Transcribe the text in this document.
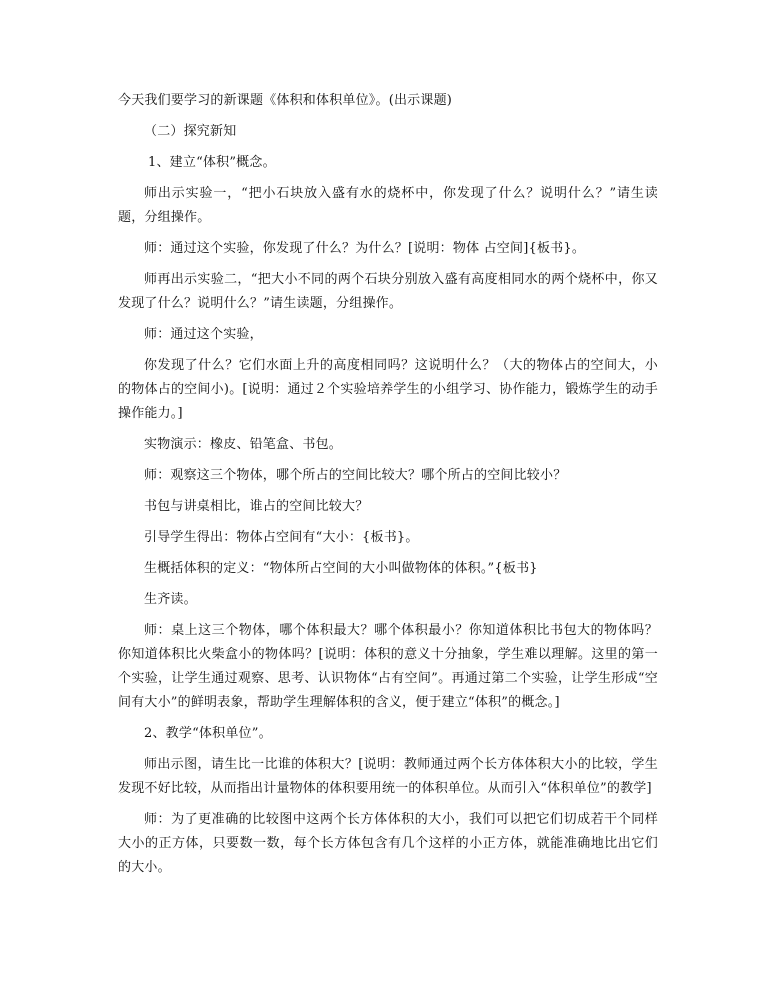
今天我们要学习的新课题《体积和体积单位》。(出示课题)

（二）探究新知

1、建立“体积”概念。

师出示实验一，“把小石块放入盛有水的烧杯中，你发现了什么？说明什么？”请生读题，分组操作。

师：通过这个实验，你发现了什么？为什么？[说明：物体 占空间]{板书}。

师再出示实验二，“把大小不同的两个石块分别放入盛有高度相同水的两个烧杯中，你又发现了什么？说明什么？”请生读题，分组操作。

师：通过这个实验，

你发现了什么？它们水面上升的高度相同吗？这说明什么？（大的物体占的空间大，小的物体占的空间小)。[说明：通过２个实验培养学生的小组学习、协作能力，锻炼学生的动手操作能力。]

实物演示：橡皮、铅笔盒、书包。

师：观察这三个物体，哪个所占的空间比较大？哪个所占的空间比较小？

书包与讲桌相比，谁占的空间比较大？

引导学生得出：物体占空间有“大小：{板书}。

生概括体积的定义：“物体所占空间的大小叫做物体的体积。”{板书}

生齐读。

师：桌上这三个物体，哪个体积最大？哪个体积最小？你知道体积比书包大的物体吗？你知道体积比火柴盒小的物体吗？[说明：体积的意义十分抽象，学生难以理解。这里的第一个实验，让学生通过观察、思考、认识物体“占有空间”。再通过第二个实验，让学生形成“空间有大小”的鲜明表象，帮助学生理解体积的含义，便于建立“体积”的概念。]

2、教学“体积单位”。

师出示图，请生比一比谁的体积大？[说明：教师通过两个长方体体积大小的比较，学生发现不好比较，从而指出计量物体的体积要用统一的体积单位。从而引入“体积单位”的教学]

师：为了更准确的比较图中这两个长方体体积的大小，我们可以把它们切成若干个同样大小的正方体，只要数一数，每个长方体包含有几个这样的小正方体，就能准确地比出它们的大小。
